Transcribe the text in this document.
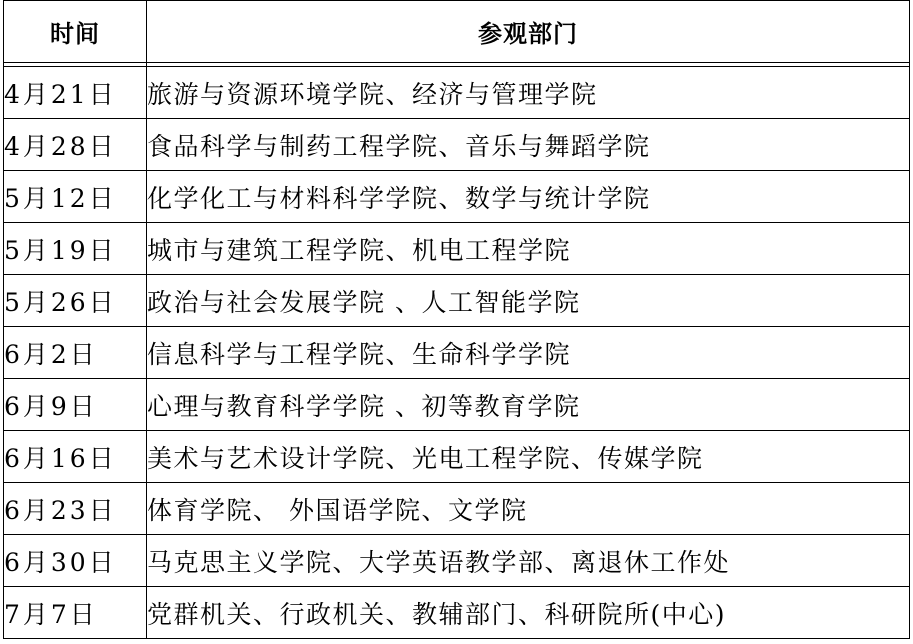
时间	参观部门

4月21日	旅游与资源环境学院、经济与管理学院
4月28日	食品科学与制药工程学院、音乐与舞蹈学院
5月12日	化学化工与材料科学学院、数学与统计学院
5月19日	城市与建筑工程学院、机电工程学院
5月26日	政治与社会发展学院 、人工智能学院
6月2日	信息科学与工程学院、生命科学学院
6月9日	心理与教育科学学院 、初等教育学院
6月16日	美术与艺术设计学院、光电工程学院、传媒学院
6月23日	体育学院、 外国语学院、文学院
6月30日	马克思主义学院、大学英语教学部、离退休工作处
7月7日	党群机关、行政机关、教辅部门、科研院所(中心)
